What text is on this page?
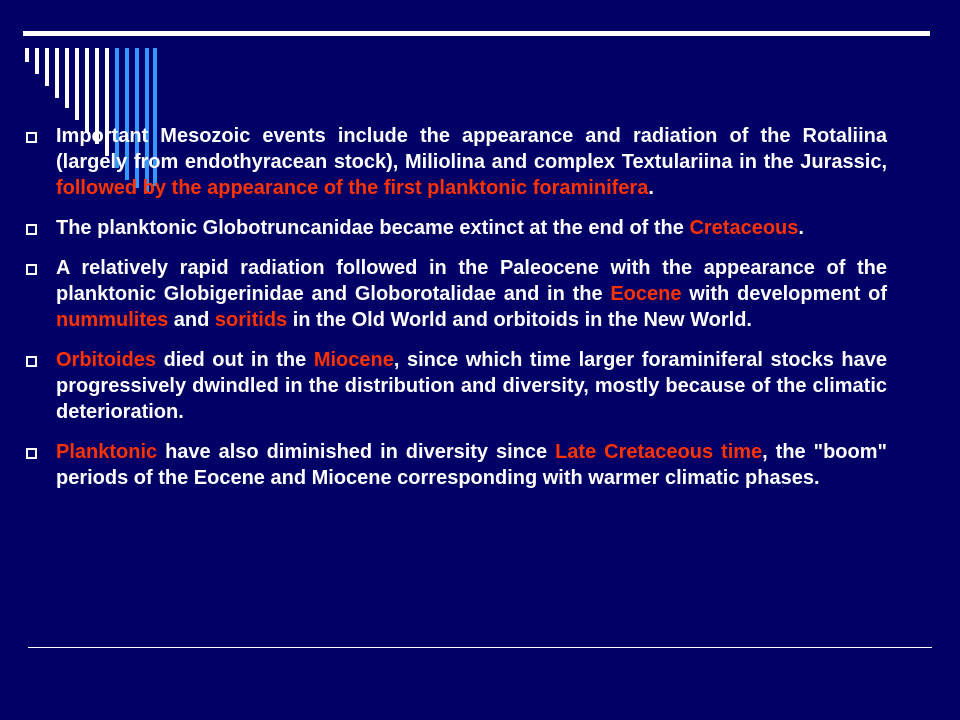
Important Mesozoic events include the appearance and radiation of the Rotaliina (largely from endothyracean stock), Miliolina and complex Textulariina in the Jurassic, followed by the appearance of the first planktonic foraminifera.
The planktonic Globotruncanidae became extinct at the end of the Cretaceous.
A relatively rapid radiation followed in the Paleocene with the appearance of the planktonic Globigerinidae and Globorotalidae and in the Eocene with development of nummulites and soritids in the Old World and orbitoids in the New World.
Orbitoides died out in the Miocene, since which time larger foraminiferal stocks have progressively dwindled in the distribution and diversity, mostly because of the climatic deterioration.
Planktonic have also diminished in diversity since Late Cretaceous time, the "boom" periods of the Eocene and Miocene corresponding with warmer climatic phases.
